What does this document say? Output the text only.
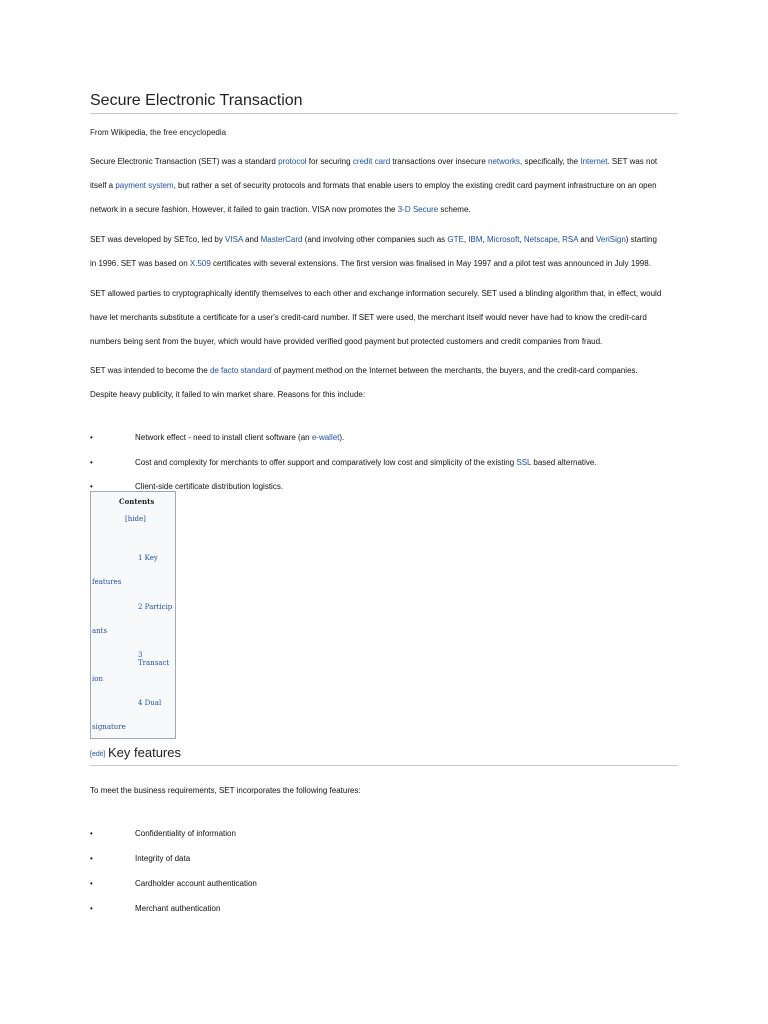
Secure Electronic Transaction
From Wikipedia, the free encyclopedia
Secure Electronic Transaction (SET) was a standard protocol for securing credit card transactions over insecure networks, specifically, the Internet. SET was not
itself a payment system, but rather a set of security protocols and formats that enable users to employ the existing credit card payment infrastructure on an open
network in a secure fashion. However, it failed to gain traction. VISA now promotes the 3-D Secure scheme.
SET was developed by SETco, led by VISA and MasterCard (and involving other companies such as GTE, IBM, Microsoft, Netscape, RSA and VeriSign) starting
in 1996. SET was based on X.509 certificates with several extensions. The first version was finalised in May 1997 and a pilot test was announced in July 1998.
SET allowed parties to cryptographically identify themselves to each other and exchange information securely. SET used a blinding algorithm that, in effect, would
have let merchants substitute a certificate for a user's credit-card number. If SET were used, the merchant itself would never have had to know the credit-card
numbers being sent from the buyer, which would have provided verified good payment but protected customers and credit companies from fraud.
SET was intended to become the de facto standard of payment method on the Internet between the merchants, the buyers, and the credit-card companies.
Despite heavy publicity, it failed to win market share. Reasons for this include:
•	Network effect - need to install client software (an e-wallet).
•	Cost and complexity for merchants to offer support and comparatively low cost and simplicity of the existing SSL based alternative.
•	Client-side certificate distribution logistics.
Contents
[hide]
1 Key
features
2 Particip
ants
3 Transact
ion
4 Dual
signature
[edit] Key features
To meet the business requirements, SET incorporates the following features:
•	Confidentiality of information
•	Integrity of data
•	Cardholder account authentication
•	Merchant authentication
